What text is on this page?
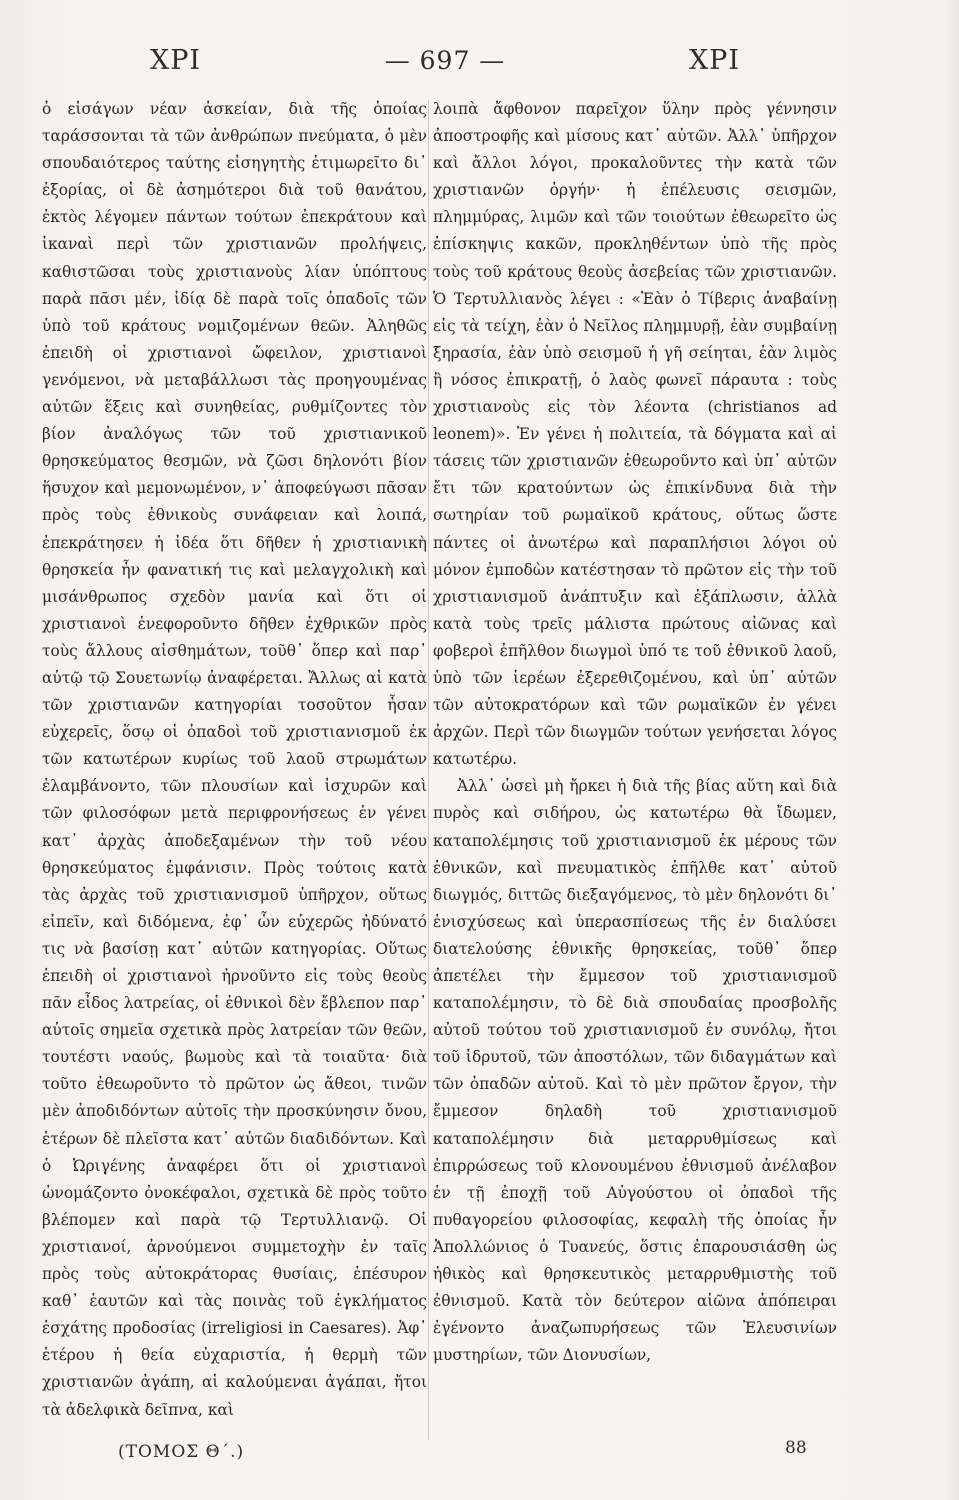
ΧΡΙ	— 697 —	ΧΡΙ

ὁ εἰσάγων νέαν ἀσκείαν, διὰ τῆς ὁποίας ταράσσονται τὰ τῶν ἀνθρώπων πνεύματα, ὁ μὲν σπουδαιότερος ταύτης εἰσηγητὴς ἐτιμωρεῖτο δι᾽ ἐξορίας, οἱ δὲ ἀσημότεροι διὰ τοῦ θανάτου, ἐκτὸς λέγομεν πάντων τούτων ἐπεκράτουν καὶ ἱκαναὶ περὶ τῶν χριστιανῶν προλήψεις, καθιστῶσαι τοὺς χριστιανοὺς λίαν ὑπόπτους παρὰ πᾶσι μέν, ἰδίᾳ δὲ παρὰ τοῖς ὀπαδοῖς τῶν ὑπὸ τοῦ κράτους νομιζομένων θεῶν. Ἀληθῶς ἐπειδὴ οἱ χριστιανοὶ ὤφειλον, χριστιανοὶ γενόμενοι, νὰ μεταβάλλωσι τὰς προηγουμένας αὐτῶν ἕξεις καὶ συνηθείας, ρυθμίζοντες τὸν βίον ἀναλόγως τῶν τοῦ χριστιανικοῦ θρησκεύματος θεσμῶν, νὰ ζῶσι δηλονότι βίον ἥσυχον καὶ μεμονωμένον, ν᾽ ἀποφεύγωσι πᾶσαν πρὸς τοὺς ἐθνικοὺς συνάφειαν καὶ λοιπά, ἐπεκράτησεν ἡ ἰδέα ὅτι δῆθεν ἡ χριστιανικὴ θρησκεία ἦν φανατική τις καὶ μελαγχολικὴ καὶ μισάνθρωπος σχεδὸν μανία καὶ ὅτι οἱ χριστιανοὶ ἐνεφοροῦντο δῆθεν ἐχθρικῶν πρὸς τοὺς ἄλλους αἰσθημάτων, τοῦθ᾽ ὅπερ καὶ παρ᾽ αὐτῷ τῷ Σουετωνίῳ ἀναφέρεται. Ἄλλως αἱ κατὰ τῶν χριστιανῶν κατηγορίαι τοσοῦτον ἦσαν εὐχερεῖς, ὅσῳ οἱ ὀπαδοὶ τοῦ χριστιανισμοῦ ἐκ τῶν κατωτέρων κυρίως τοῦ λαοῦ στρωμάτων ἐλαμβάνοντο, τῶν πλουσίων καὶ ἰσχυρῶν καὶ τῶν φιλοσόφων μετὰ περιφρονήσεως ἐν γένει κατ᾽ ἀρχὰς ἀποδεξαμένων τὴν τοῦ νέου θρησκεύματος ἐμφάνισιν. Πρὸς τούτοις κατὰ τὰς ἀρχὰς τοῦ χριστιανισμοῦ ὑπῆρχον, οὕτως εἰπεῖν, καὶ διδόμενα, ἐφ᾽ ὧν εὐχερῶς ἠδύνατό τις νὰ βασίσῃ κατ᾽ αὐτῶν κατηγορίας. Οὕτως ἐπειδὴ οἱ χριστιανοὶ ἠρνοῦντο εἰς τοὺς θεοὺς πᾶν εἶδος λατρείας, οἱ ἐθνικοὶ δὲν ἔβλεπον παρ᾽ αὐτοῖς σημεῖα σχετικὰ πρὸς λατρείαν τῶν θεῶν, τουτέστι ναούς, βωμοὺς καὶ τὰ τοιαῦτα· διὰ τοῦτο ἐθεωροῦντο τὸ πρῶτον ὡς ἄθεοι, τινῶν μὲν ἀποδιδόντων αὐτοῖς τὴν προσκύνησιν ὄνου, ἑτέρων δὲ πλεῖστα κατ᾽ αὐτῶν διαδιδόντων. Καὶ ὁ Ὠριγένης ἀναφέρει ὅτι οἱ χριστιανοὶ ὠνομάζοντο ὀνοκέφαλοι, σχετικὰ δὲ πρὸς τοῦτο βλέπομεν καὶ παρὰ τῷ Τερτυλλιανῷ. Οἱ χριστιανοί, ἀρνούμενοι συμμετοχὴν ἐν ταῖς πρὸς τοὺς αὐτοκράτορας θυσίαις, ἐπέσυρον καθ᾽ ἑαυτῶν καὶ τὰς ποινὰς τοῦ ἐγκλήματος ἐσχάτης προδοσίας (irreligiosi in Caesares). Ἀφ᾽ ἑτέρου ἡ θεία εὐχαριστία, ἡ θερμὴ τῶν χριστιανῶν ἀγάπη, αἱ καλούμεναι ἀγάπαι, ἤτοι τὰ ἀδελφικὰ δεῖπνα, καὶ

λοιπὰ ἄφθονον παρεῖχον ὕλην πρὸς γέννησιν ἀποστροφῆς καὶ μίσους κατ᾽ αὐτῶν. Ἀλλ᾽ ὑπῆρχον καὶ ἄλλοι λόγοι, προκαλοῦντες τὴν κατὰ τῶν χριστιανῶν ὀργήν· ἡ ἐπέλευσις σεισμῶν, πλημμύρας, λιμῶν καὶ τῶν τοιούτων ἐθεωρεῖτο ὡς ἐπίσκηψις κακῶν, προκληθέντων ὑπὸ τῆς πρὸς τοὺς τοῦ κράτους θεοὺς ἀσεβείας τῶν χριστιανῶν. Ὁ Τερτυλλιανὸς λέγει : «Ἐὰν ὁ Τίβερις ἀναβαίνῃ εἰς τὰ τείχη, ἐὰν ὁ Νεῖλος πλημμυρῇ, ἐὰν συμβαίνῃ ξηρασία, ἐὰν ὑπὸ σεισμοῦ ἡ γῆ σείηται, ἐὰν λιμὸς ἢ νόσος ἐπικρατῇ, ὁ λαὸς φωνεῖ πάραυτα : τοὺς χριστιανοὺς εἰς τὸν λέοντα (christianos ad leonem)». Ἐν γένει ἡ πολιτεία, τὰ δόγματα καὶ αἱ τάσεις τῶν χριστιανῶν ἐθεωροῦντο καὶ ὑπ᾽ αὐτῶν ἔτι τῶν κρατούντων ὡς ἐπικίνδυνα διὰ τὴν σωτηρίαν τοῦ ρωμαϊκοῦ κράτους, οὕτως ὥστε πάντες οἱ ἀνωτέρω καὶ παραπλήσιοι λόγοι οὐ μόνον ἐμποδὼν κατέστησαν τὸ πρῶτον εἰς τὴν τοῦ χριστιανισμοῦ ἀνάπτυξιν καὶ ἐξάπλωσιν, ἀλλὰ κατὰ τοὺς τρεῖς μάλιστα πρώτους αἰῶνας καὶ φοβεροὶ ἐπῆλθον διωγμοὶ ὑπό τε τοῦ ἐθνικοῦ λαοῦ, ὑπὸ τῶν ἱερέων ἐξερεθιζομένου, καὶ ὑπ᾽ αὐτῶν τῶν αὐτοκρατόρων καὶ τῶν ρωμαϊκῶν ἐν γένει ἀρχῶν. Περὶ τῶν διωγμῶν τούτων γενήσεται λόγος κατωτέρω.

Ἀλλ᾽ ὡσεὶ μὴ ἤρκει ἡ διὰ τῆς βίας αὕτη καὶ διὰ πυρὸς καὶ σιδήρου, ὡς κατωτέρω θὰ ἴδωμεν, καταπολέμησις τοῦ χριστιανισμοῦ ἐκ μέρους τῶν ἐθνικῶν, καὶ πνευματικὸς ἐπῆλθε κατ᾽ αὐτοῦ διωγμός, διττῶς διεξαγόμενος, τὸ μὲν δηλονότι δι᾽ ἐνισχύσεως καὶ ὑπερασπίσεως τῆς ἐν διαλύσει διατελούσης ἐθνικῆς θρησκείας, τοῦθ᾽ ὅπερ ἀπετέλει τὴν ἔμμεσον τοῦ χριστιανισμοῦ καταπολέμησιν, τὸ δὲ διὰ σπουδαίας προσβολῆς αὐτοῦ τούτου τοῦ χριστιανισμοῦ ἐν συνόλῳ, ἤτοι τοῦ ἱδρυτοῦ, τῶν ἀποστόλων, τῶν διδαγμάτων καὶ τῶν ὀπαδῶν αὐτοῦ. Καὶ τὸ μὲν πρῶτον ἔργον, τὴν ἔμμεσον δηλαδὴ τοῦ χριστιανισμοῦ καταπολέμησιν διὰ μεταρρυθμίσεως καὶ ἐπιρρώσεως τοῦ κλονουμένου ἐθνισμοῦ ἀνέλαβον ἐν τῇ ἐποχῇ τοῦ Αὐγούστου οἱ ὀπαδοὶ τῆς πυθαγορείου φιλοσοφίας, κεφαλὴ τῆς ὁποίας ἦν Ἀπολλώνιος ὁ Τυανεύς, ὅστις ἐπαρουσιάσθη ὡς ἠθικὸς καὶ θρησκευτικὸς μεταρρυθμιστὴς τοῦ ἐθνισμοῦ. Κατὰ τὸν δεύτερον αἰῶνα ἀπόπειραι ἐγένοντο ἀναζωπυρήσεως τῶν Ἐλευσινίων μυστηρίων, τῶν Διονυσίων,

(ΤΟΜΟΣ Θ΄.)	88
